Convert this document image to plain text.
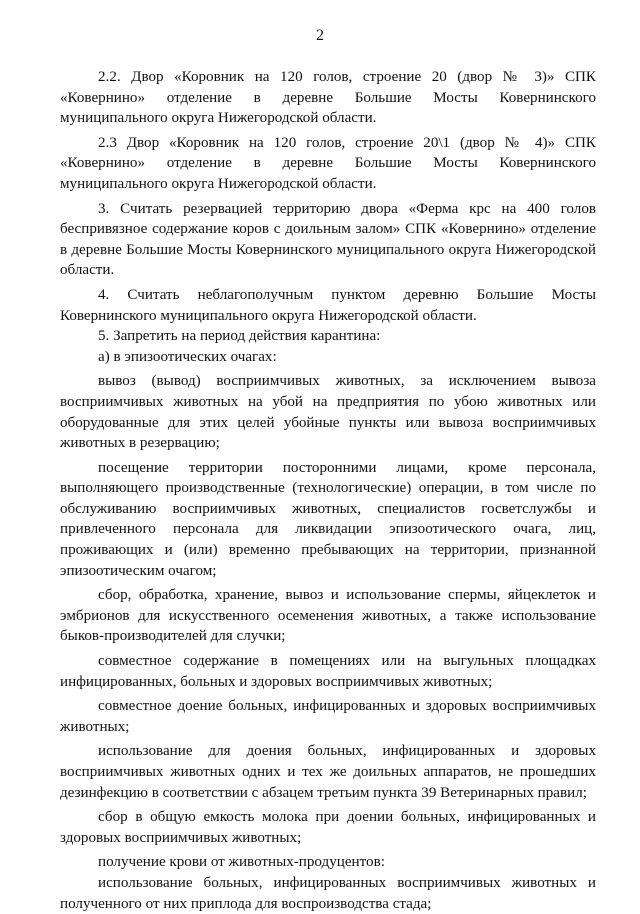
2

2.2. Двор «Коровник на 120 голов, строение 20 (двор № 3)» СПК «Ковернино» отделение в деревне Большие Мосты Ковернинского муниципального округа Нижегородской области.

2.3 Двор «Коровник на 120 голов, строение 20\1 (двор № 4)» СПК «Ковернино» отделение в деревне Большие Мосты Ковернинского муниципального округа Нижегородской области.

3. Считать резервацией территорию двора «Ферма крс на 400 голов беспривязное содержание коров с доильным залом» СПК «Ковернино» отделение в деревне Большие Мосты Ковернинского муниципального округа Нижегородской области.

4. Считать неблагополучным пунктом деревню Большие Мосты Ковернинского муниципального округа Нижегородской области.

5. Запретить на период действия карантина:

а) в эпизоотических очагах:

вывоз (вывод) восприимчивых животных, за исключением вывоза восприимчивых животных на убой на предприятия по убою животных или оборудованные для этих целей убойные пункты или вывоза восприимчивых животных в резервацию;

посещение территории посторонними лицами, кроме персонала, выполняющего производственные (технологические) операции, в том числе по обслуживанию восприимчивых животных, специалистов госветслужбы и привлеченного персонала для ликвидации эпизоотического очага, лиц, проживающих и (или) временно пребывающих на территории, признанной эпизоотическим очагом;

сбор, обработка, хранение, вывоз и использование спермы, яйцеклеток и эмбрионов для искусственного осеменения животных, а также использование быков-производителей для случки;

совместное содержание в помещениях или на выгульных площадках инфицированных, больных и здоровых восприимчивых животных;

совместное доение больных, инфицированных и здоровых восприимчивых животных;

использование для доения больных, инфицированных и здоровых восприимчивых животных одних и тех же доильных аппаратов, не прошедших дезинфекцию в соответствии с абзацем третьим пункта 39 Ветеринарных правил;

сбор в общую емкость молока при доении больных, инфицированных и здоровых восприимчивых животных;

получение крови от животных-продуцентов:

использование больных, инфицированных восприимчивых животных и полученного от них приплода для воспроизводства стада;
